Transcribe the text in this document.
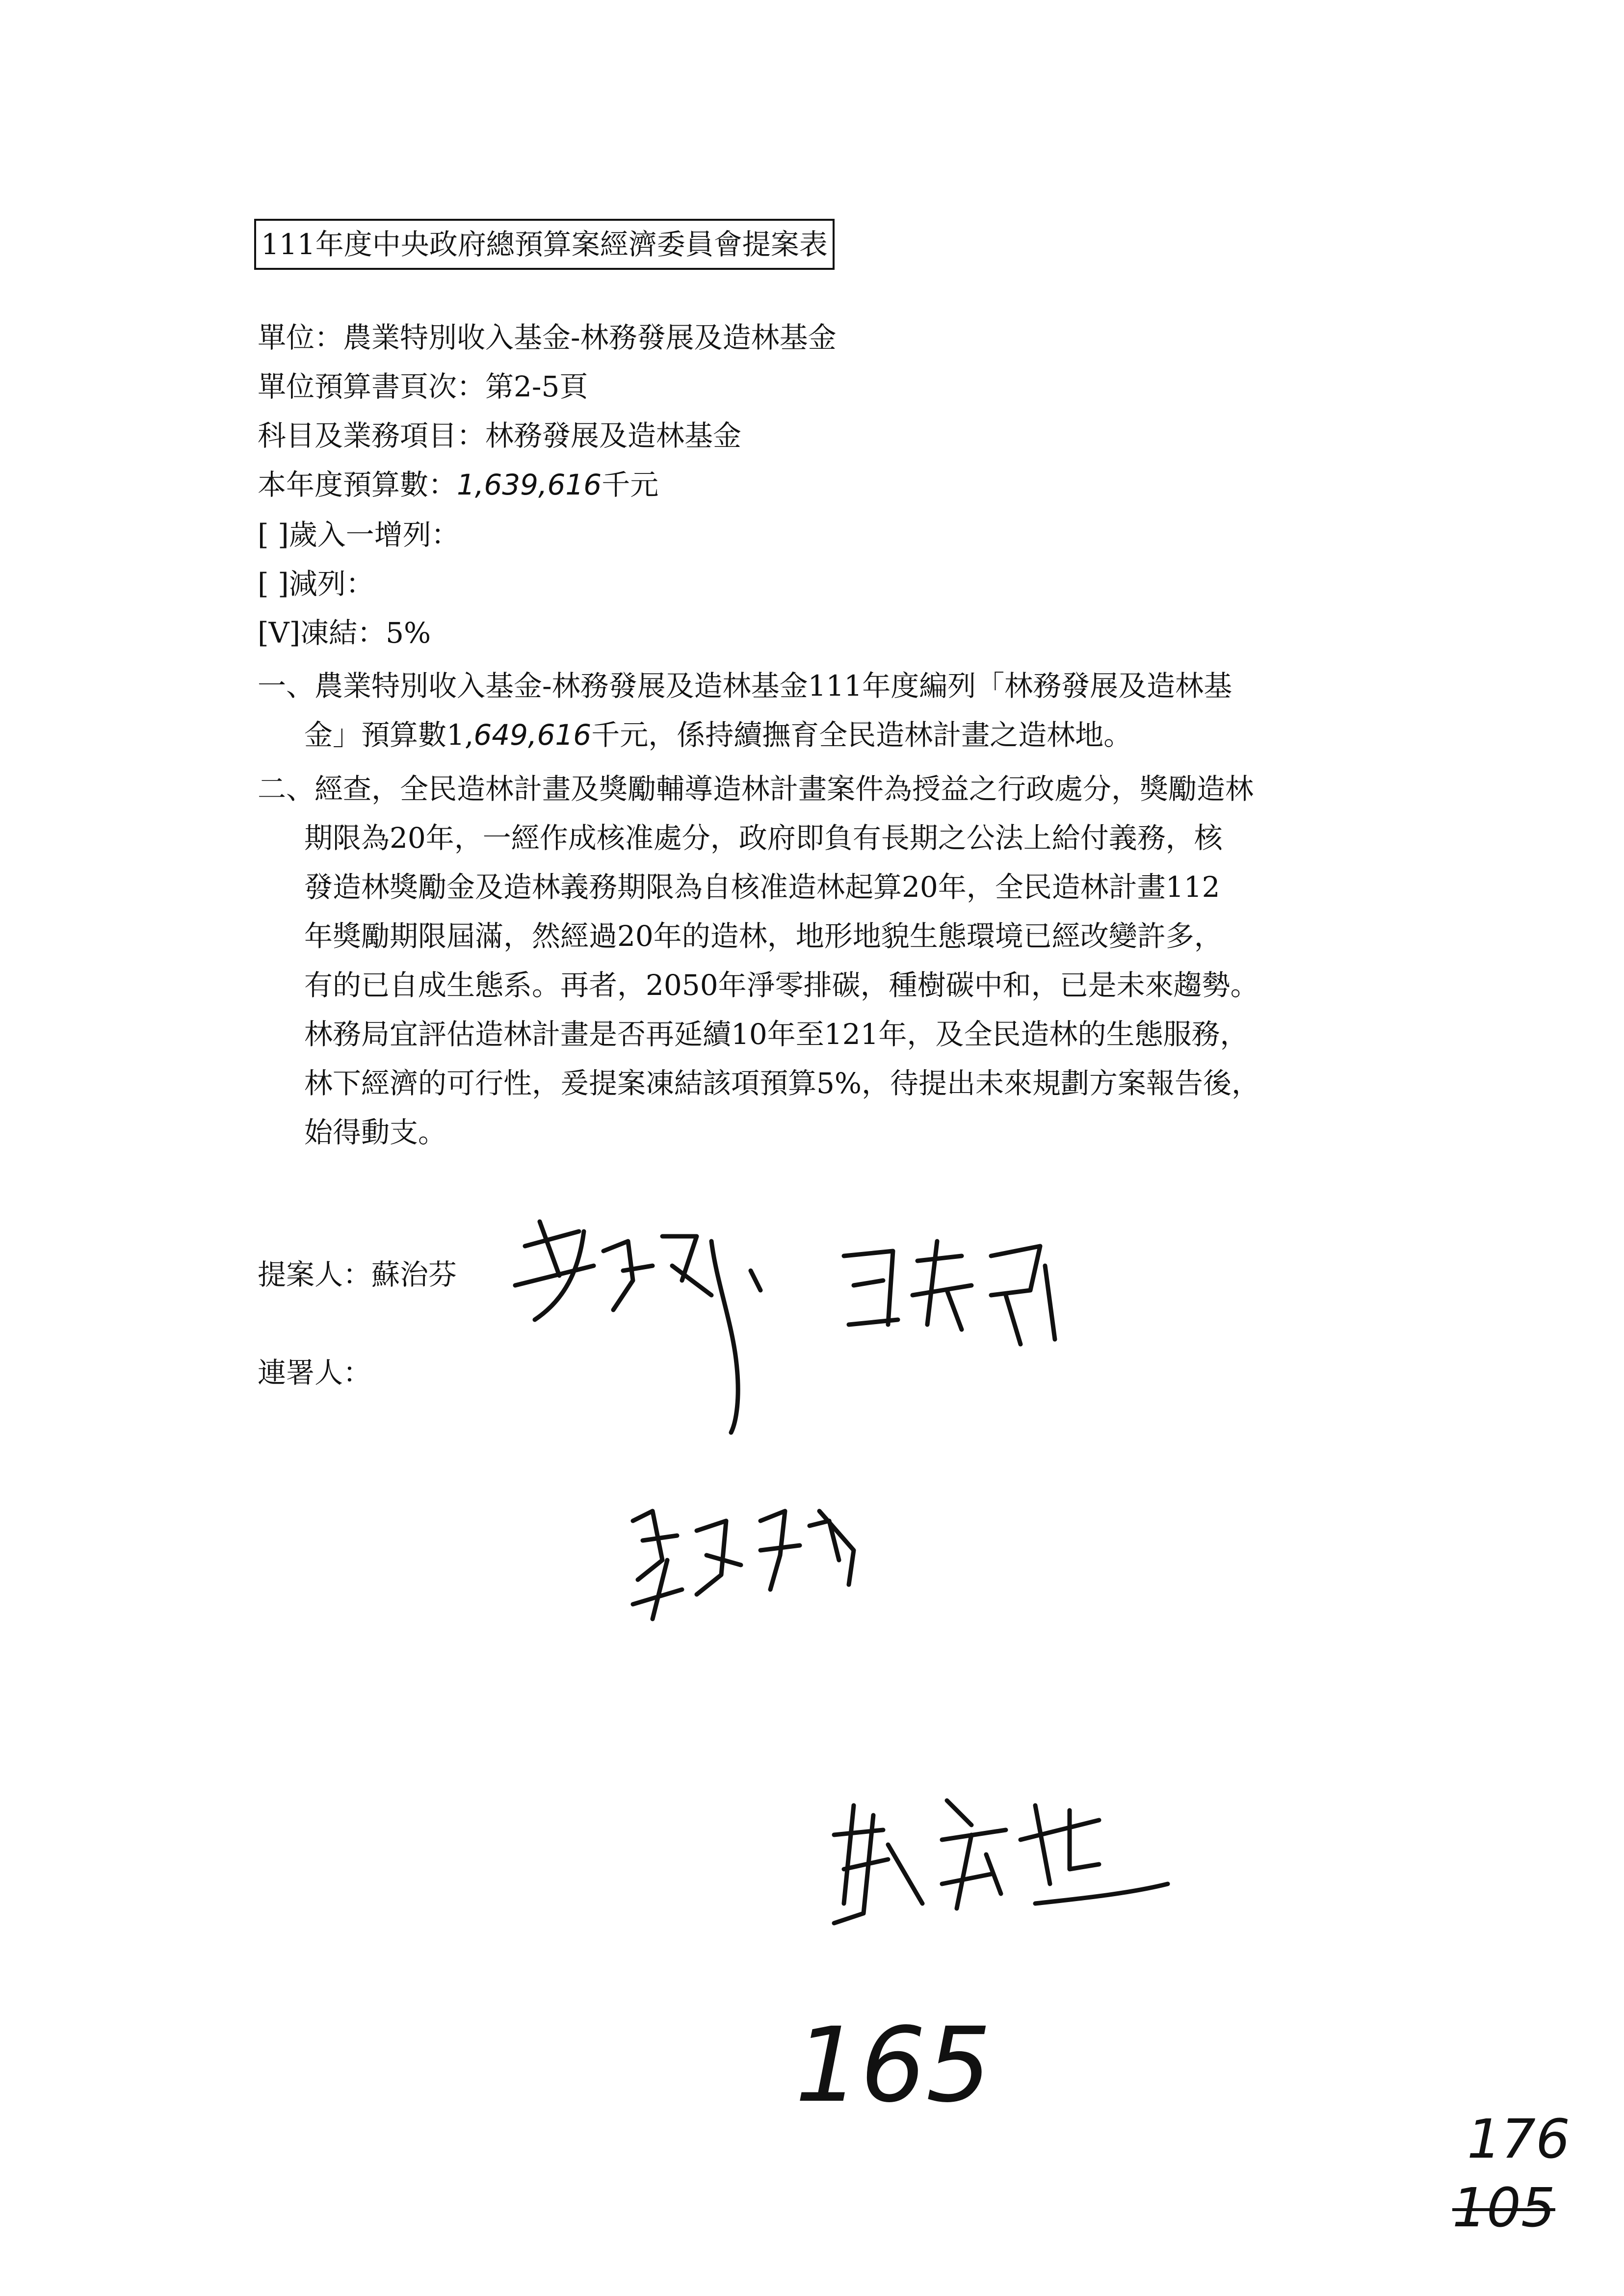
111年度中央政府總預算案經濟委員會提案表
單位：農業特別收入基金-林務發展及造林基金
單位預算書頁次：第2-5頁
科目及業務項目：林務發展及造林基金
本年度預算數：1,639,616千元
[ ]歲入一增列：
[ ]減列：
[V]凍結：5%
一、農業特別收入基金-林務發展及造林基金111年度編列「林務發展及造林基
金」預算數1,649,616千元，係持續撫育全民造林計畫之造林地。
二、經查，全民造林計畫及獎勵輔導造林計畫案件為授益之行政處分，獎勵造林
期限為20年，一經作成核准處分，政府即負有長期之公法上給付義務，核
發造林獎勵金及造林義務期限為自核准造林起算20年，全民造林計畫112
年獎勵期限屆滿，然經過20年的造林，地形地貌生態環境已經改變許多，
有的已自成生態系。再者，2050年淨零排碳，種樹碳中和，已是未來趨勢。
林務局宜評估造林計畫是否再延續10年至121年，及全民造林的生態服務，
林下經濟的可行性，爰提案凍結該項預算5%，待提出未來規劃方案報告後，
始得動支。
提案人：蘇治芬
連署人：
165
176
105
